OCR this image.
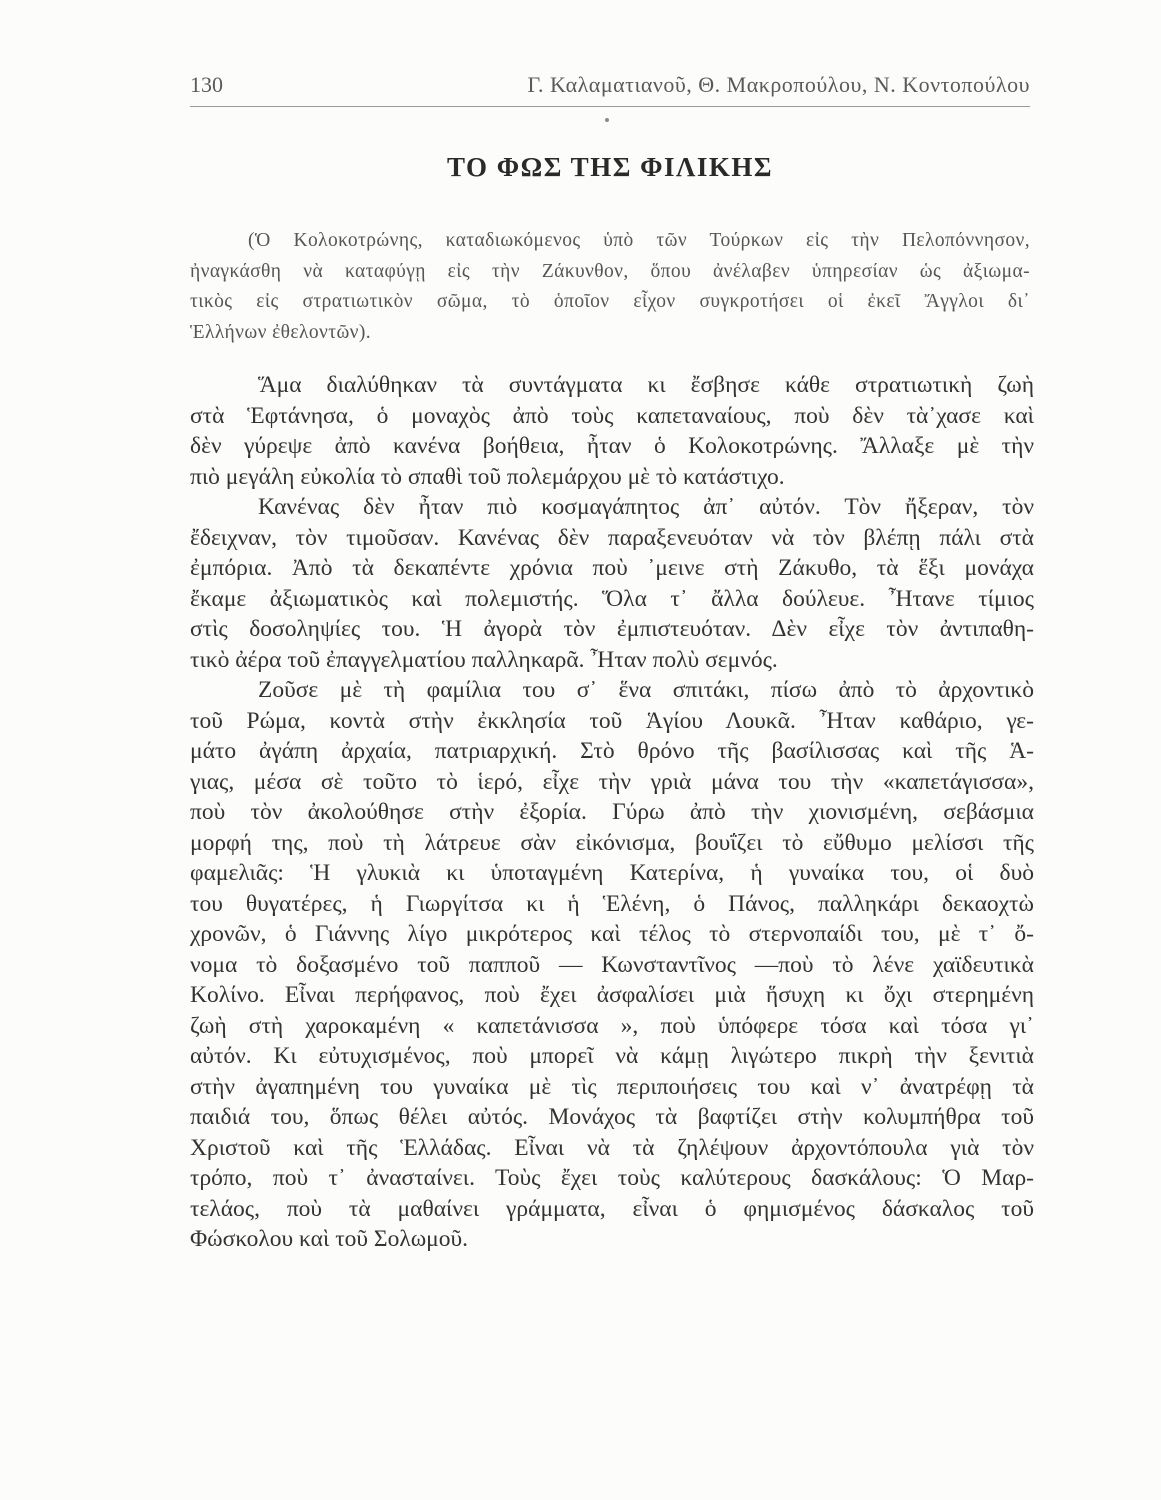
130	Γ. Καλαματιανοῦ, Θ. Μακροπούλου, Ν. Κοντοπούλου
ΤΟ ΦΩΣ ΤΗΣ ΦΙΛΙΚΗΣ
(Ὁ Κολοκοτρώνης, καταδιωκόμενος ὑπὸ τῶν Τούρκων εἰς τὴν Πελοπόννησον,
ἠναγκάσθη νὰ καταφύγῃ εἰς τὴν Ζάκυνθον, ὅπου ἀνέλαβεν ὑπηρεσίαν ὡς ἀξιωμα-
τικὸς εἰς στρατιωτικὸν σῶμα, τὸ ὁποῖον εἶχον συγκροτήσει οἱ ἐκεῖ Ἄγγλοι δι᾽
Ἑλλήνων ἐθελοντῶν).
Ἅμα διαλύθηκαν τὰ συντάγματα κι ἔσβησε κάθε στρατιωτικὴ ζωὴ
στὰ Ἑφτάνησα, ὁ μοναχὸς ἀπὸ τοὺς καπεταναίους, ποὺ δὲν τὰ᾽χασε καὶ
δὲν γύρεψε ἀπὸ κανένα βοήθεια, ἦταν ὁ Κολοκοτρώνης. Ἄλλαξε μὲ τὴν
πιὸ μεγάλη εὐκολία τὸ σπαθὶ τοῦ πολεμάρχου μὲ τὸ κατάστιχο.
Κανένας δὲν ἦταν πιὸ κοσμαγάπητος ἀπ᾽ αὐτόν. Τὸν ἤξεραν, τὸν
ἔδειχναν, τὸν τιμοῦσαν. Κανένας δὲν παραξενευόταν νὰ τὸν βλέπῃ πάλι στὰ
ἐμπόρια. Ἀπὸ τὰ δεκαπέντε χρόνια ποὺ ᾽μεινε στὴ Ζάκυθο, τὰ ἕξι μονάχα
ἔκαμε ἀξιωματικὸς καὶ πολεμιστής. Ὅλα τ᾽ ἄλλα δούλευε. Ἦτανε τίμιος
στὶς δοσοληψίες του. Ἡ ἀγορὰ τὸν ἐμπιστευόταν. Δὲν εἶχε τὸν ἀντιπαθη-
τικὸ ἀέρα τοῦ ἐπαγγελματίου παλληκαρᾶ. Ἦταν πολὺ σεμνός.
Ζοῦσε μὲ τὴ φαμίλια του σ᾽ ἕνα σπιτάκι, πίσω ἀπὸ τὸ ἀρχοντικὸ
τοῦ Ρώμα, κοντὰ στὴν ἐκκλησία τοῦ Ἁγίου Λουκᾶ. Ἦταν καθάριο, γε-
μάτο ἀγάπη ἀρχαία, πατριαρχική. Στὸ θρόνο τῆς βασίλισσας καὶ τῆς Ἁ-
γιας, μέσα σὲ τοῦτο τὸ ἱερό, εἶχε τὴν γριὰ μάνα του τὴν «καπετάγισσα»,
ποὺ τὸν ἀκολούθησε στὴν ἐξορία. Γύρω ἀπὸ τὴν χιονισμένη, σεβάσμια
μορφή της, ποὺ τὴ λάτρευε σὰν εἰκόνισμα, βουΐζει τὸ εὔθυμο μελίσσι τῆς
φαμελιᾶς: Ἡ γλυκιὰ κι ὑποταγμένη Κατερίνα, ἡ γυναίκα του, οἱ δυὸ
του θυγατέρες, ἡ Γιωργίτσα κι ἡ Ἑλένη, ὁ Πάνος, παλληκάρι δεκαοχτὼ
χρονῶν, ὁ Γιάννης λίγο μικρότερος καὶ τέλος τὸ στερνοπαίδι του, μὲ τ᾽ ὄ-
νομα τὸ δοξασμένο τοῦ παπποῦ — Κωνσταντῖνος —ποὺ τὸ λένε χαϊδευτικὰ
Κολίνο. Εἶναι περήφανος, ποὺ ἔχει ἀσφαλίσει μιὰ ἥσυχη κι ὄχι στερημένη
ζωὴ στὴ χαροκαμένη « καπετάνισσα », ποὺ ὑπόφερε τόσα καὶ τόσα γι᾽
αὐτόν. Κι εὐτυχισμένος, ποὺ μπορεῖ νὰ κάμῃ λιγώτερο πικρὴ τὴν ξενιτιὰ
στὴν ἀγαπημένη του γυναίκα μὲ τὶς περιποιήσεις του καὶ ν᾽ ἀνατρέφῃ τὰ
παιδιά του, ὅπως θέλει αὐτός. Μονάχος τὰ βαφτίζει στὴν κολυμπήθρα τοῦ
Χριστοῦ καὶ τῆς Ἑλλάδας. Εἶναι νὰ τὰ ζηλέψουν ἀρχοντόπουλα γιὰ τὸν
τρόπο, ποὺ τ᾽ ἀνασταίνει. Τοὺς ἔχει τοὺς καλύτερους δασκάλους: Ὁ Μαρ-
τελάος, ποὺ τὰ μαθαίνει γράμματα, εἶναι ὁ φημισμένος δάσκαλος τοῦ
Φώσκολου καὶ τοῦ Σολωμοῦ.
